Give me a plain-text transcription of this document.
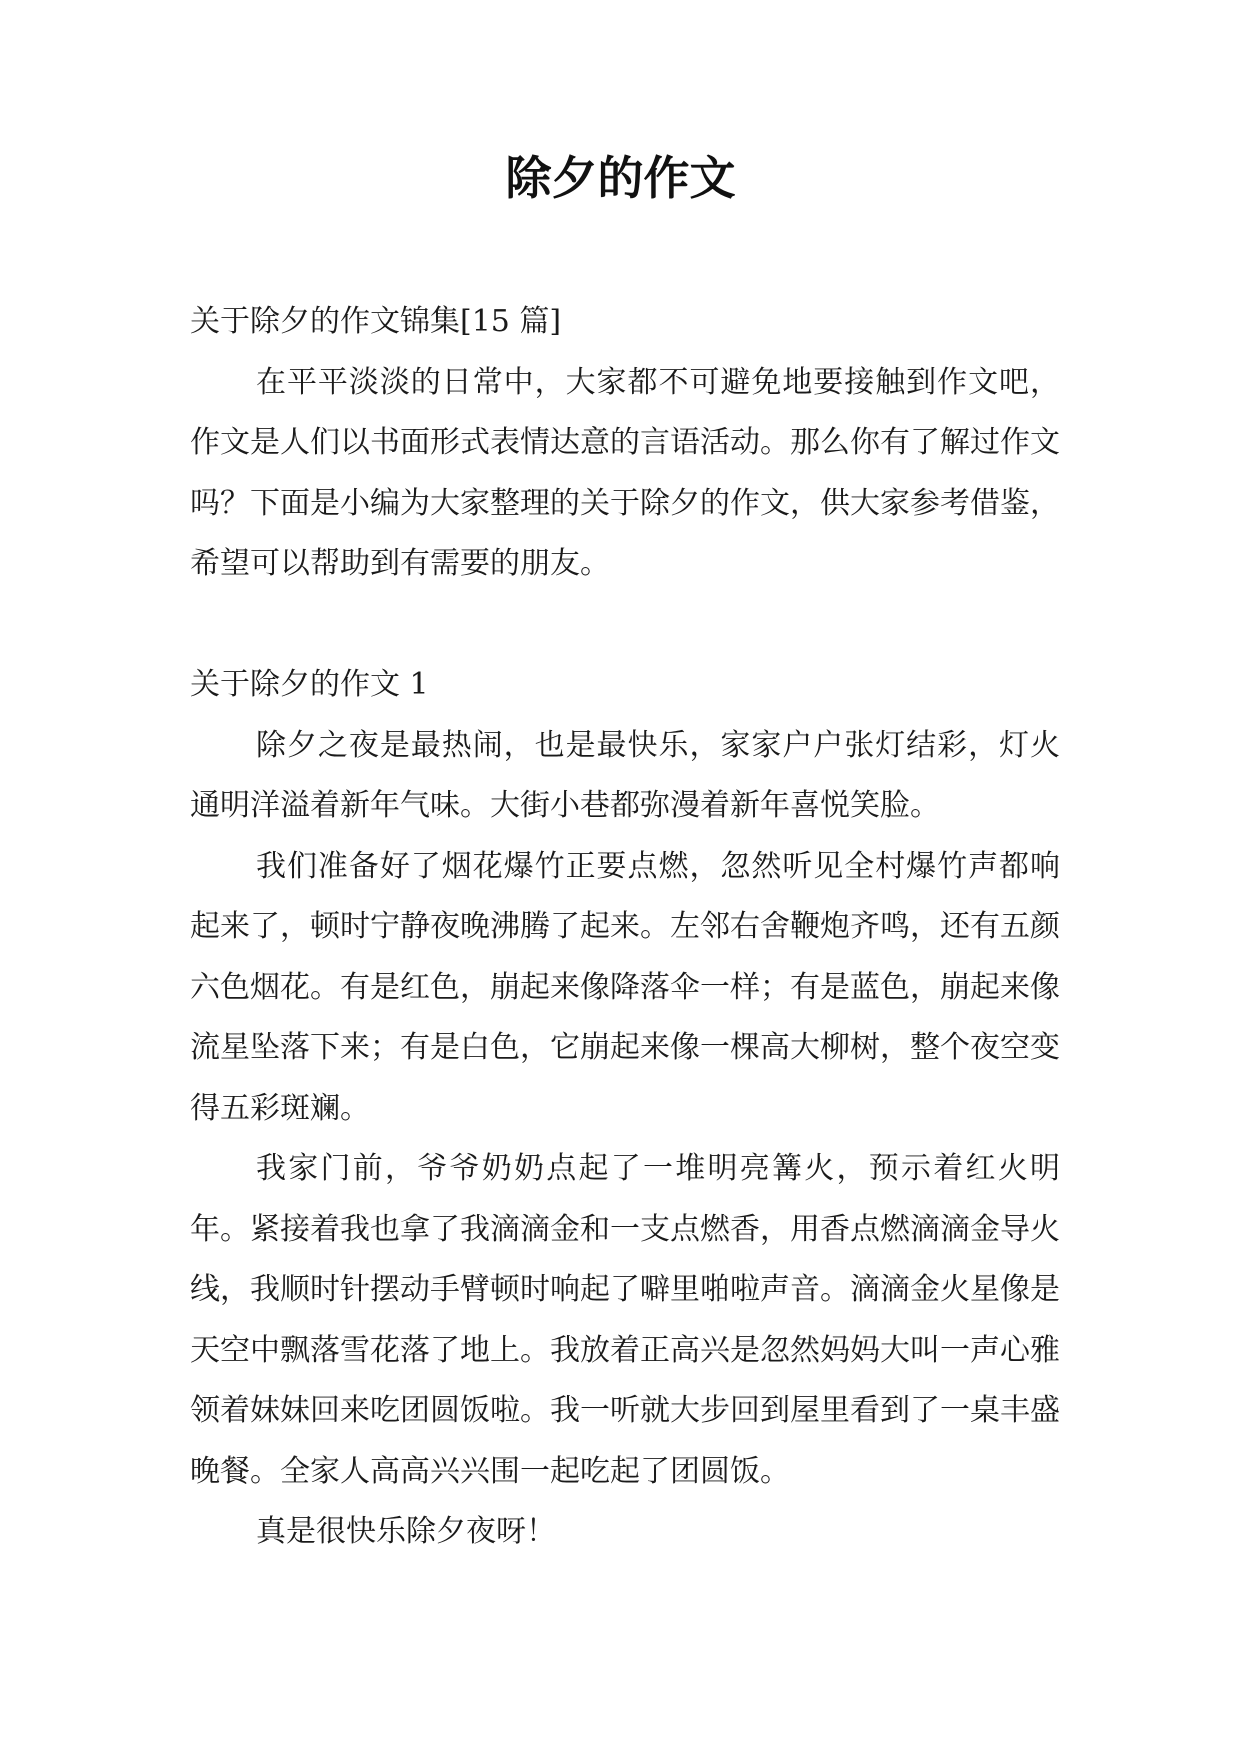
除夕的作文

关于除夕的作文锦集[15 篇]

在平平淡淡的日常中，大家都不可避免地要接触到作文吧，作文是人们以书面形式表情达意的言语活动。那么你有了解过作文吗？下面是小编为大家整理的关于除夕的作文，供大家参考借鉴，希望可以帮助到有需要的朋友。

关于除夕的作文 1

除夕之夜是最热闹，也是最快乐，家家户户张灯结彩，灯火通明洋溢着新年气味。大街小巷都弥漫着新年喜悦笑脸。

我们准备好了烟花爆竹正要点燃，忽然听见全村爆竹声都响起来了，顿时宁静夜晚沸腾了起来。左邻右舍鞭炮齐鸣，还有五颜六色烟花。有是红色，崩起来像降落伞一样；有是蓝色，崩起来像流星坠落下来；有是白色，它崩起来像一棵高大柳树，整个夜空变得五彩斑斓。

我家门前，爷爷奶奶点起了一堆明亮篝火，预示着红火明年。紧接着我也拿了我滴滴金和一支点燃香，用香点燃滴滴金导火线，我顺时针摆动手臂顿时响起了噼里啪啦声音。滴滴金火星像是天空中飘落雪花落了地上。我放着正高兴是忽然妈妈大叫一声心雅领着妹妹回来吃团圆饭啦。我一听就大步回到屋里看到了一桌丰盛晚餐。全家人高高兴兴围一起吃起了团圆饭。

真是很快乐除夕夜呀！
